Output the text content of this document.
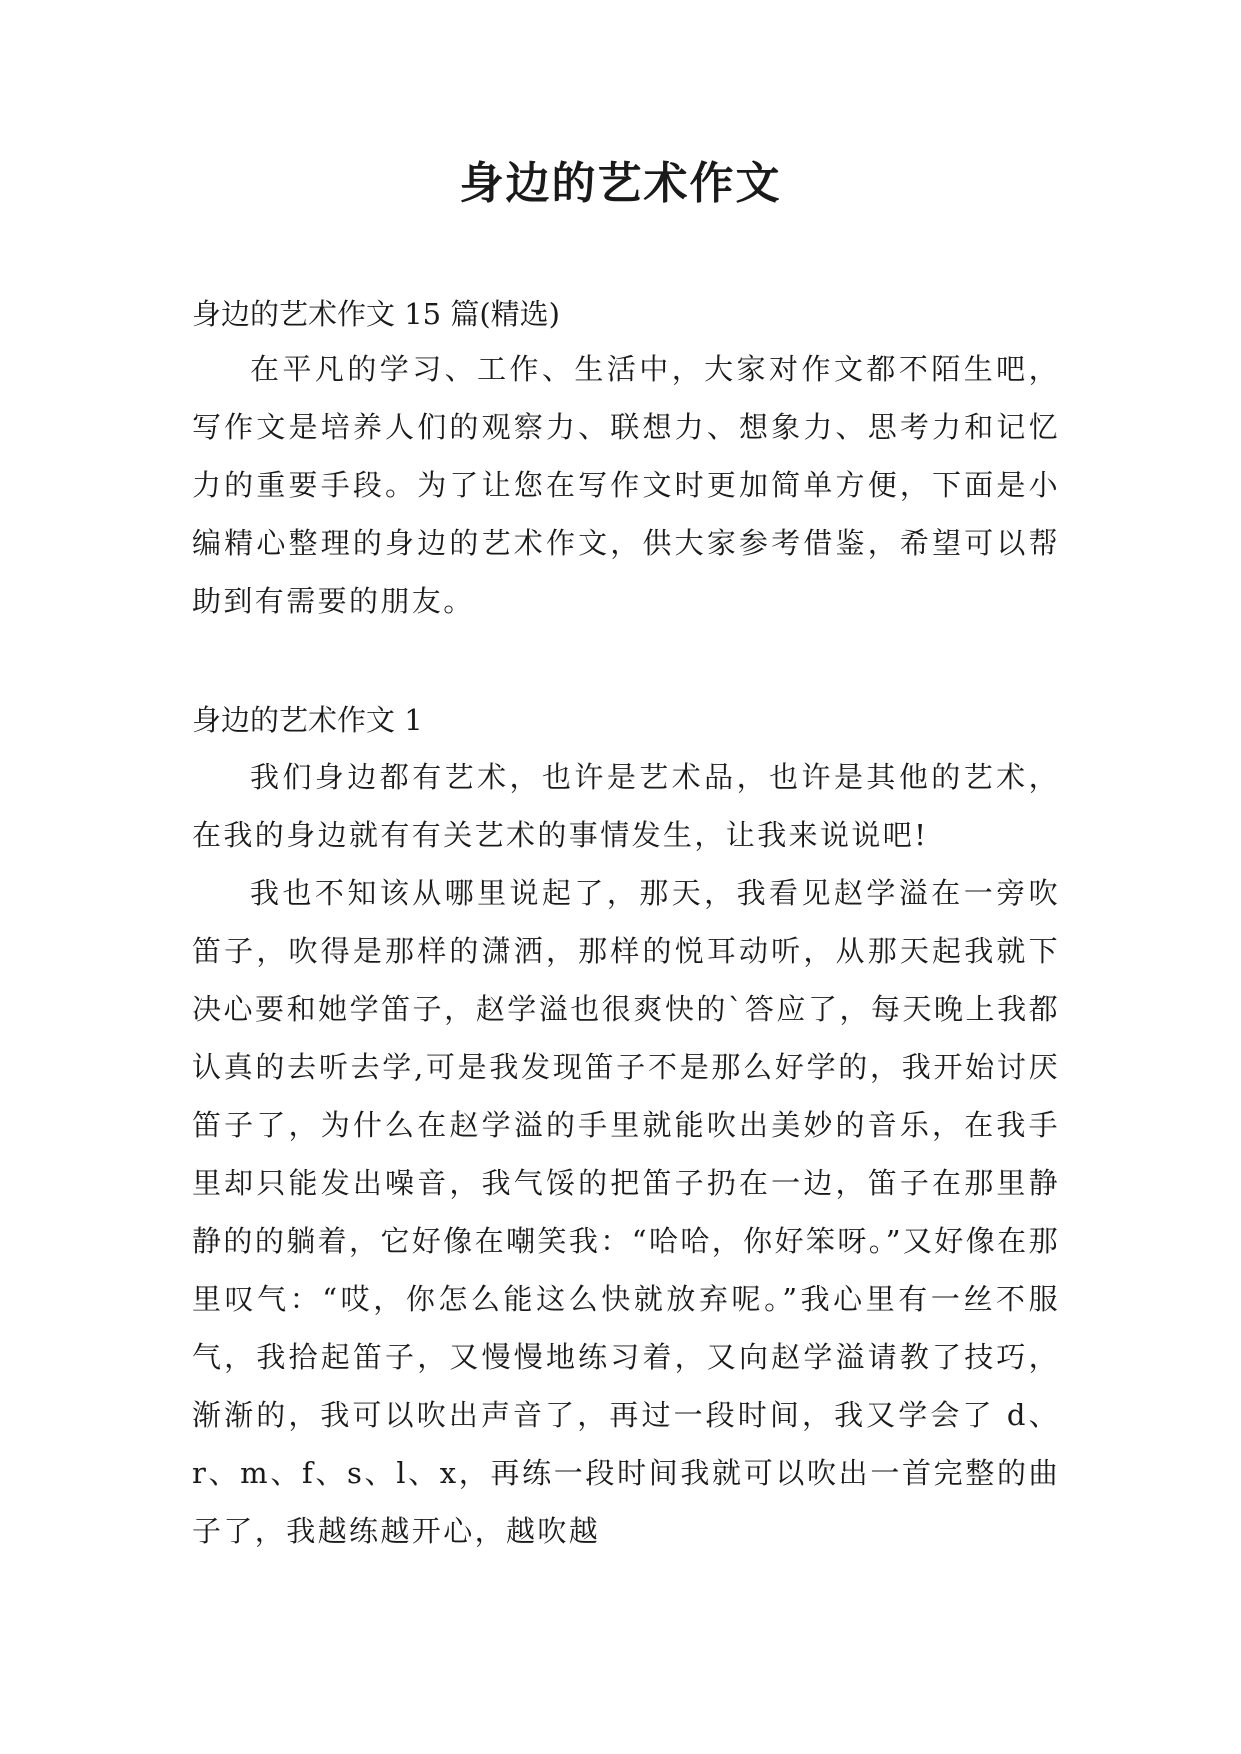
身边的艺术作文

身边的艺术作文 15 篇(精选)

在平凡的学习、工作、生活中，大家对作文都不陌生吧，写作文是培养人们的观察力、联想力、想象力、思考力和记忆力的重要手段。为了让您在写作文时更加简单方便，下面是小编精心整理的身边的艺术作文，供大家参考借鉴，希望可以帮助到有需要的朋友。

身边的艺术作文 1

我们身边都有艺术，也许是艺术品，也许是其他的艺术，在我的身边就有有关艺术的事情发生，让我来说说吧!

我也不知该从哪里说起了，那天，我看见赵学溢在一旁吹笛子，吹得是那样的潇洒，那样的悦耳动听，从那天起我就下决心要和她学笛子，赵学溢也很爽快的`答应了，每天晚上我都认真的去听去学,可是我发现笛子不是那么好学的，我开始讨厌笛子了，为什么在赵学溢的手里就能吹出美妙的音乐，在我手里却只能发出噪音，我气馁的把笛子扔在一边，笛子在那里静静的的躺着，它好像在嘲笑我：“哈哈，你好笨呀。”又好像在那里叹气：“哎，你怎么能这么快就放弃呢。”我心里有一丝不服气，我拾起笛子，又慢慢地练习着，又向赵学溢请教了技巧，渐渐的，我可以吹出声音了，再过一段时间，我又学会了 d、r、m、f、s、l、x，再练一段时间我就可以吹出一首完整的曲子了，我越练越开心，越吹越
